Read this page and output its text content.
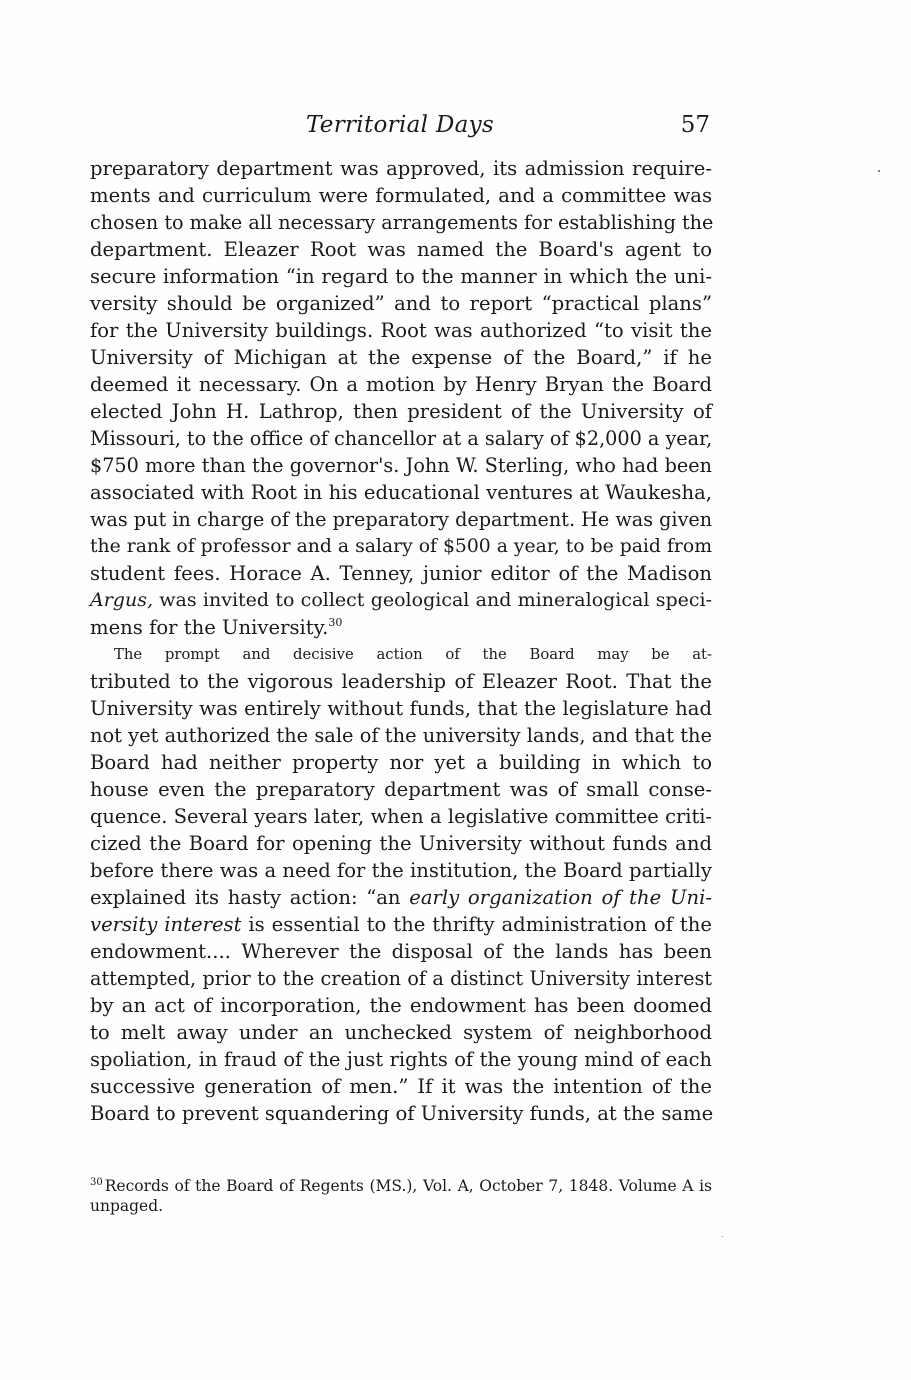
Territorial Days	57

preparatory department was approved, its admission require-
ments and curriculum were formulated, and a committee was
chosen to make all necessary arrangements for establishing the
department. Eleazer Root was named the Board's agent to
secure information “in regard to the manner in which the uni-
versity should be organized” and to report “practical plans”
for the University buildings. Root was authorized “to visit the
University of Michigan at the expense of the Board,” if he
deemed it necessary. On a motion by Henry Bryan the Board
elected John H. Lathrop, then president of the University of
Missouri, to the office of chancellor at a salary of $2,000 a year,
$750 more than the governor's. John W. Sterling, who had been
associated with Root in his educational ventures at Waukesha,
was put in charge of the preparatory department. He was given
the rank of professor and a salary of $500 a year, to be paid from
student fees. Horace A. Tenney, junior editor of the Madison
Argus, was invited to collect geological and mineralogical speci-
mens for the University.$^{30}$

The prompt and decisive action of the Board may be at-
tributed to the vigorous leadership of Eleazer Root. That the
University was entirely without funds, that the legislature had
not yet authorized the sale of the university lands, and that the
Board had neither property nor yet a building in which to
house even the preparatory department was of small conse-
quence. Several years later, when a legislative committee criti-
cized the Board for opening the University without funds and
before there was a need for the institution, the Board partially
explained its hasty action: “an early organization of the Uni-
versity interest is essential to the thrifty administration of the
endowment.... Wherever the disposal of the lands has been
attempted, prior to the creation of a distinct University interest
by an act of incorporation, the endowment has been doomed
to melt away under an unchecked system of neighborhood
spoliation, in fraud of the just rights of the young mind of each
successive generation of men.” If it was the intention of the
Board to prevent squandering of University funds, at the same

$^{30}$ Records of the Board of Regents (MS.), Vol. A, October 7, 1848. Volume A is unpaged.
